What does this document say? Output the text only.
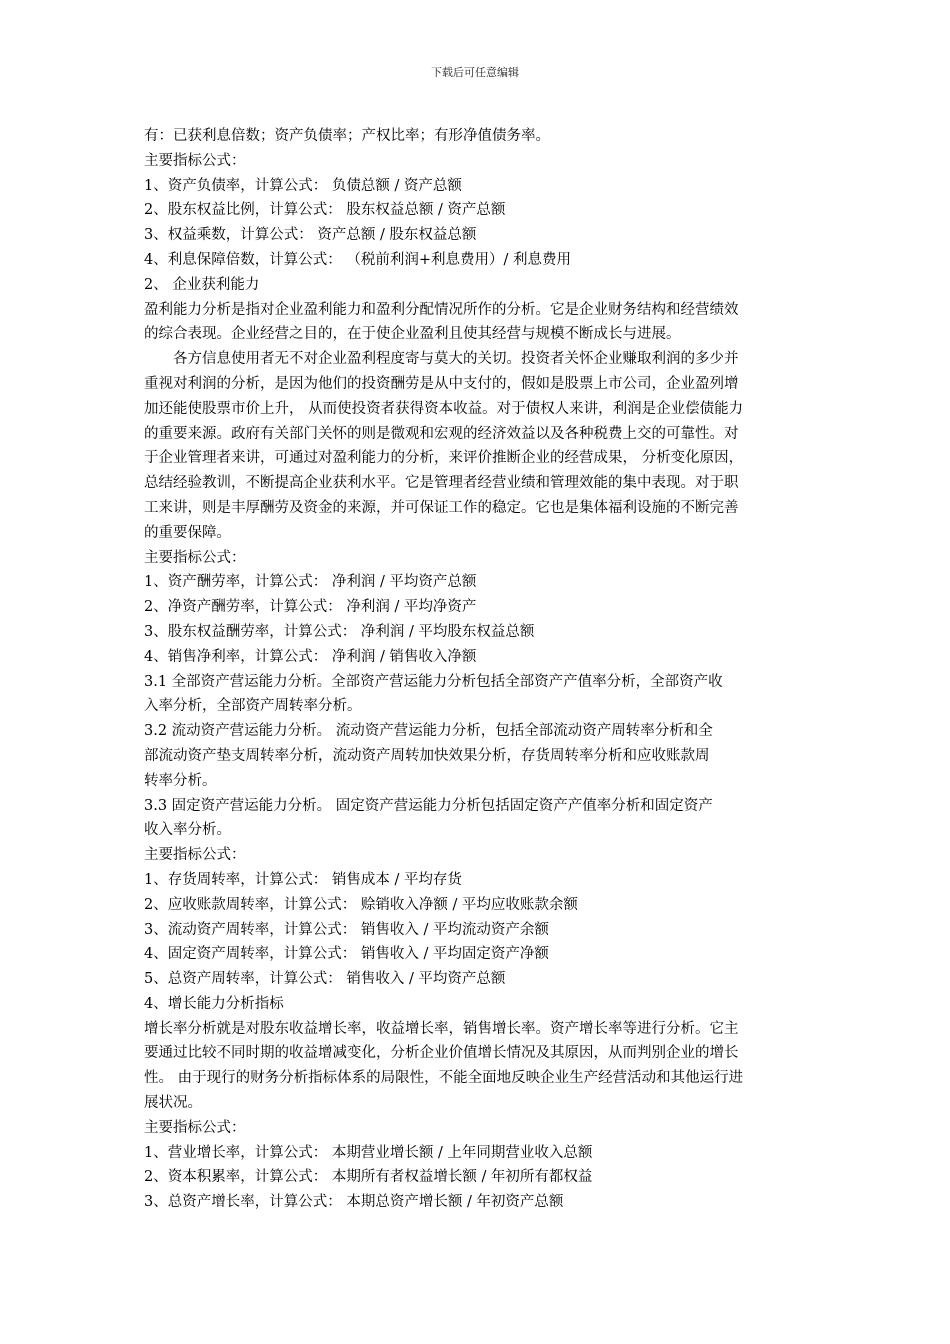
下载后可任意编辑
有：已获利息倍数；资产负债率；产权比率；有形净值债务率。
主要指标公式：
1、资产负债率，计算公式： 负债总额 / 资产总额
2、股东权益比例，计算公式： 股东权益总额 / 资产总额
3、权益乘数，计算公式： 资产总额 / 股东权益总额
4、利息保障倍数，计算公式： （税前利润+利息费用）/ 利息费用
2、 企业获利能力
盈利能力分析是指对企业盈利能力和盈利分配情况所作的分析。它是企业财务结构和经营绩效
的综合表现。企业经营之目的，在于使企业盈利且使其经营与规模不断成长与进展。
各方信息使用者无不对企业盈利程度寄与莫大的关切。投资者关怀企业赚取利润的多少并
重视对利润的分析，是因为他们的投资酬劳是从中支付的，假如是股票上市公司，企业盈列增
加还能使股票市价上升， 从而使投资者获得资本收益。对于债权人来讲，利润是企业偿债能力
的重要来源。政府有关部门关怀的则是微观和宏观的经济效益以及各种税费上交的可靠性。对
于企业管理者来讲，可通过对盈利能力的分析，来评价推断企业的经营成果， 分析变化原因，
总结经验教训，不断提高企业获利水平。它是管理者经营业绩和管理效能的集中表现。对于职
工来讲，则是丰厚酬劳及资金的来源，并可保证工作的稳定。它也是集体福利设施的不断完善
的重要保障。
主要指标公式：
1、资产酬劳率，计算公式： 净利润 / 平均资产总额
2、净资产酬劳率，计算公式： 净利润 / 平均净资产
3、股东权益酬劳率，计算公式： 净利润 / 平均股东权益总额
4、销售净利率，计算公式： 净利润 / 销售收入净额
3.1 全部资产营运能力分析。全部资产营运能力分析包括全部资产产值率分析，全部资产收
入率分析，全部资产周转率分析。
3.2 流动资产营运能力分析。 流动资产营运能力分析，包括全部流动资产周转率分析和全
部流动资产垫支周转率分析，流动资产周转加快效果分析，存货周转率分析和应收账款周
转率分析。
3.3 固定资产营运能力分析。 固定资产营运能力分析包括固定资产产值率分析和固定资产
收入率分析。
主要指标公式：
1、存货周转率，计算公式： 销售成本 / 平均存货
2、应收账款周转率，计算公式： 赊销收入净额 / 平均应收账款余额
3、流动资产周转率，计算公式： 销售收入 / 平均流动资产余额
4、固定资产周转率，计算公式： 销售收入 / 平均固定资产净额
5、总资产周转率，计算公式： 销售收入 / 平均资产总额
4、增长能力分析指标
增长率分析就是对股东收益增长率，收益增长率，销售增长率。资产增长率等进行分析。它主
要通过比较不同时期的收益增减变化，分析企业价值增长情况及其原因，从而判别企业的增长
性。 由于现行的财务分析指标体系的局限性，不能全面地反映企业生产经营活动和其他运行进
展状况。
主要指标公式：
1、营业增长率，计算公式： 本期营业增长额 / 上年同期营业收入总额
2、资本积累率，计算公式： 本期所有者权益增长额 / 年初所有都权益
3、总资产增长率，计算公式： 本期总资产增长额 / 年初资产总额
